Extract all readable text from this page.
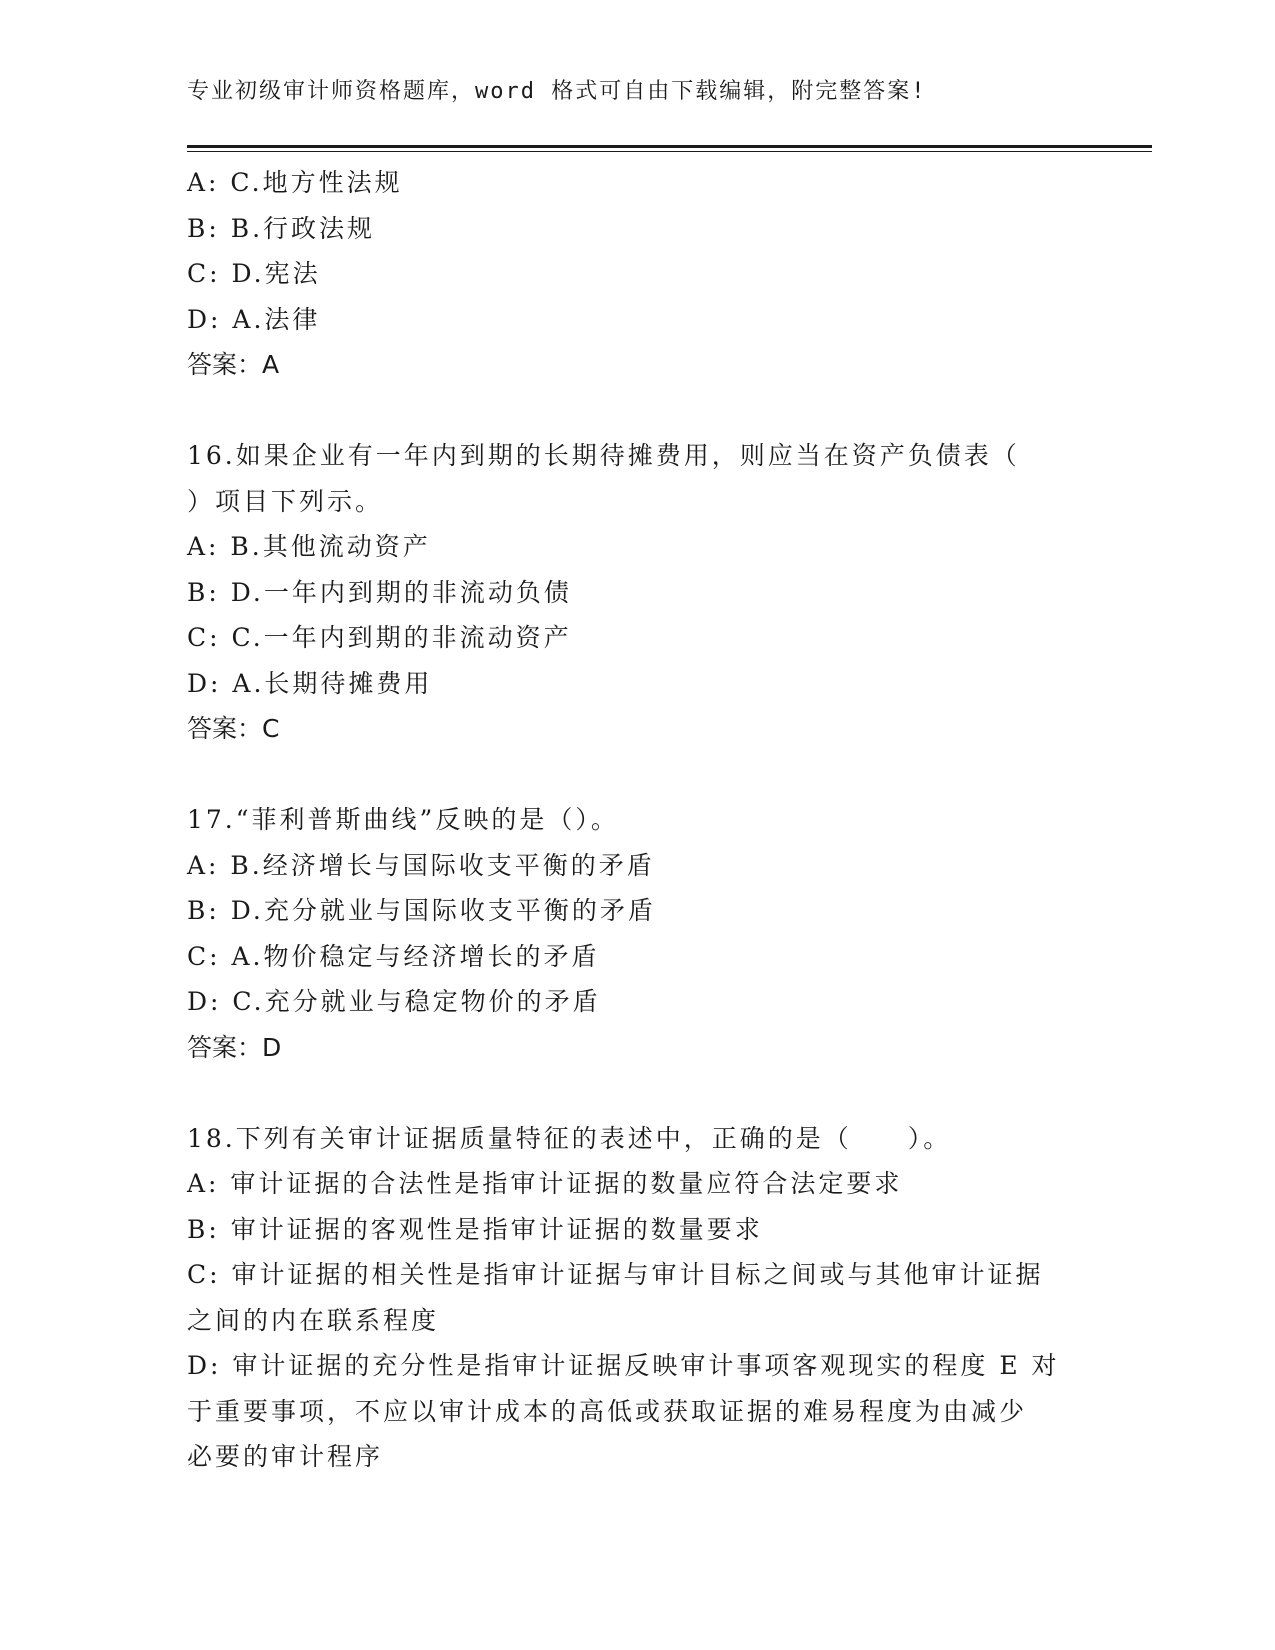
专业初级审计师资格题库，word 格式可自由下载编辑，附完整答案!
A: C.地方性法规
B: B.行政法规
C: D.宪法
D: A.法律
答案：A
16.如果企业有一年内到期的长期待摊费用，则应当在资产负债表（
）项目下列示。
A: B.其他流动资产
B: D.一年内到期的非流动负债
C: C.一年内到期的非流动资产
D: A.长期待摊费用
答案：C
17.“菲利普斯曲线”反映的是（）。
A: B.经济增长与国际收支平衡的矛盾
B: D.充分就业与国际收支平衡的矛盾
C: A.物价稳定与经济增长的矛盾
D: C.充分就业与稳定物价的矛盾
答案：D
18.下列有关审计证据质量特征的表述中，正确的是（　　）。
A: 审计证据的合法性是指审计证据的数量应符合法定要求
B: 审计证据的客观性是指审计证据的数量要求
C: 审计证据的相关性是指审计证据与审计目标之间或与其他审计证据
之间的内在联系程度
D: 审计证据的充分性是指审计证据反映审计事项客观现实的程度 E 对
于重要事项，不应以审计成本的高低或获取证据的难易程度为由减少
必要的审计程序
